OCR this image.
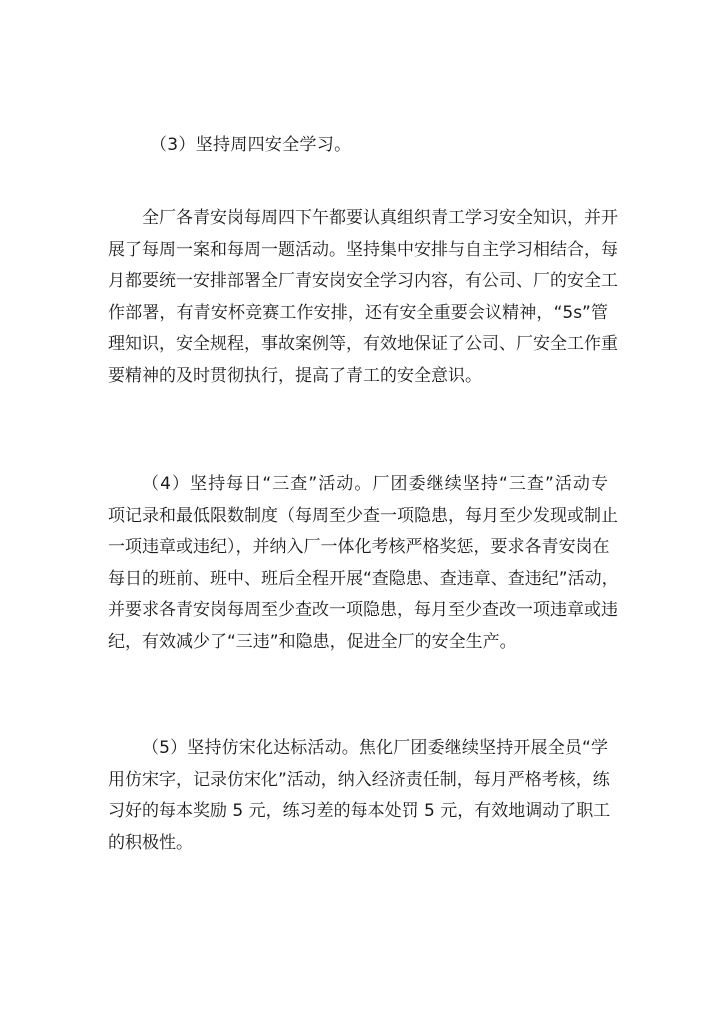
（3）坚持周四安全学习。
全厂各青安岗每周四下午都要认真组织青工学习安全知识，并开
展了每周一案和每周一题活动。坚持集中安排与自主学习相结合，每
月都要统一安排部署全厂青安岗安全学习内容，有公司、厂的安全工
作部署，有青安杯竞赛工作安排，还有安全重要会议精神，“5s”管
理知识，安全规程，事故案例等，有效地保证了公司、厂安全工作重
要精神的及时贯彻执行，提高了青工的安全意识。
（4）坚持每日“三查”活动。厂团委继续坚持“三查”活动专
项记录和最低限数制度（每周至少查一项隐患，每月至少发现或制止
一项违章或违纪），并纳入厂一体化考核严格奖惩，要求各青安岗在
每日的班前、班中、班后全程开展“查隐患、查违章、查违纪”活动，
并要求各青安岗每周至少查改一项隐患，每月至少查改一项违章或违
纪，有效减少了“三违”和隐患，促进全厂的安全生产。
（5）坚持仿宋化达标活动。焦化厂团委继续坚持开展全员“学
用仿宋字，记录仿宋化”活动，纳入经济责任制，每月严格考核，练
习好的每本奖励 5 元，练习差的每本处罚 5 元，有效地调动了职工
的积极性。
